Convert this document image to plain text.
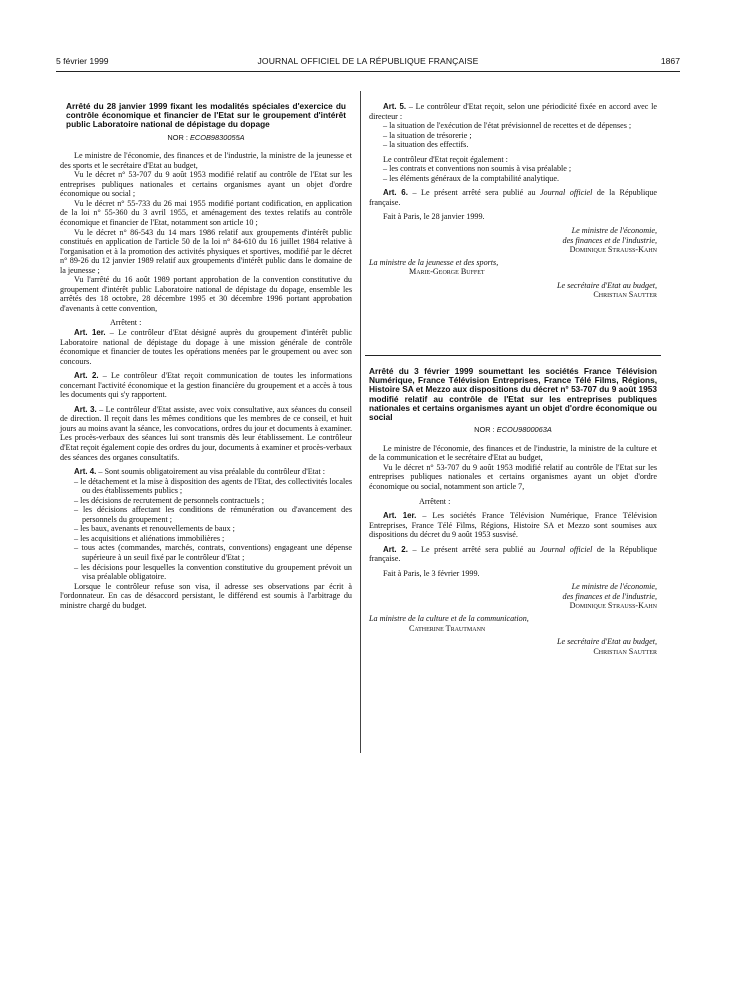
5 février 1999	JOURNAL OFFICIEL DE LA RÉPUBLIQUE FRANÇAISE	1867
Arrêté du 28 janvier 1999 fixant les modalités spéciales d'exercice du contrôle économique et financier de l'Etat sur le groupement d'intérêt public Laboratoire national de dépistage du dopage
NOR : ECOB9830055A

Le ministre de l'économie, des finances et de l'industrie, la ministre de la jeunesse et des sports et le secrétaire d'Etat au budget,

Vu le décret n° 53-707 du 9 août 1953 modifié relatif au contrôle de l'Etat sur les entreprises publiques nationales et certains organismes ayant un objet d'ordre économique ou social ;

Vu le décret n° 55-733 du 26 mai 1955 modifié portant codification, en application de la loi n° 55-360 du 3 avril 1955, et aménagement des textes relatifs au contrôle économique et financier de l'Etat, notamment son article 10 ;

Vu le décret n° 86-543 du 14 mars 1986 relatif aux groupements d'intérêt public constitués en application de l'article 50 de la loi n° 84-610 du 16 juillet 1984 relative à l'organisation et à la promotion des activités physiques et sportives, modifié par le décret n° 89-26 du 12 janvier 1989 relatif aux groupements d'intérêt public dans le domaine de la jeunesse ;

Vu l'arrêté du 16 août 1989 portant approbation de la convention constitutive du groupement d'intérêt public Laboratoire national de dépistage du dopage, ensemble les arrêtés des 18 octobre, 28 décembre 1995 et 30 décembre 1996 portant approbation d'avenants à cette convention,

Arrêtent :

Art. 1er. – Le contrôleur d'Etat désigné auprès du groupement d'intérêt public Laboratoire national de dépistage du dopage à une mission générale de contrôle économique et financier de toutes les opérations menées par le groupement ou avec son concours.

Art. 2. – Le contrôleur d'Etat reçoit communication de toutes les informations concernant l'activité économique et la gestion financière du groupement et a accès à tous les documents qui s'y rapportent.

Art. 3. – Le contrôleur d'Etat assiste, avec voix consultative, aux séances du conseil de direction. Il reçoit dans les mêmes conditions que les membres de ce conseil, et huit jours au moins avant la séance, les convocations, ordres du jour et documents à examiner. Les procès-verbaux des séances lui sont transmis dès leur établissement. Le contrôleur d'Etat reçoit également copie des ordres du jour, documents à examiner et procès-verbaux des séances des organes consultatifs.

Art. 4. – Sont soumis obligatoirement au visa préalable du contrôleur d'Etat :

– le détachement et la mise à disposition des agents de l'Etat, des collectivités locales ou des établissements publics ;
– les décisions de recrutement de personnels contractuels ;
– les décisions affectant les conditions de rémunération ou d'avancement des personnels du groupement ;
– les baux, avenants et renouvellements de baux ;
– les acquisitions et aliénations immobilières ;
– tous actes (commandes, marchés, contrats, conventions) engageant une dépense supérieure à un seuil fixé par le contrôleur d'Etat ;
– les décisions pour lesquelles la convention constitutive du groupement prévoit un visa préalable obligatoire.

Lorsque le contrôleur refuse son visa, il adresse ses observations par écrit à l'ordonnateur. En cas de désaccord persistant, le différend est soumis à l'arbitrage du ministre chargé du budget.

Art. 5. – Le contrôleur d'Etat reçoit, selon une périodicité fixée en accord avec le directeur :

– la situation de l'exécution de l'état prévisionnel de recettes et de dépenses ;
– la situation de trésorerie ;
– la situation des effectifs.

Le contrôleur d'Etat reçoit également :

– les contrats et conventions non soumis à visa préalable ;
– les éléments généraux de la comptabilité analytique.

Art. 6. – Le présent arrêté sera publié au Journal officiel de la République française.

Fait à Paris, le 28 janvier 1999.

Le ministre de l'économie,
des finances et de l'industrie,
Dominique Strauss-Kahn
La ministre de la jeunesse et des sports,
Marie-George Buffet
Le secrétaire d'Etat au budget,
Christian Sautter
Arrêté du 3 février 1999 soumettant les sociétés France Télévision Numérique, France Télévision Entreprises, France Télé Films, Régions, Histoire SA et Mezzo aux dispositions du décret n° 53-707 du 9 août 1953 modifié relatif au contrôle de l'Etat sur les entreprises publiques nationales et certains organismes ayant un objet d'ordre économique ou social
NOR : ECOU9800063A

Le ministre de l'économie, des finances et de l'industrie, la ministre de la culture et de la communication et le secrétaire d'Etat au budget,

Vu le décret n° 53-707 du 9 août 1953 modifié relatif au contrôle de l'Etat sur les entreprises publiques nationales et certains organismes ayant un objet d'ordre économique ou social, notamment son article 7,

Arrêtent :

Art. 1er. – Les sociétés France Télévision Numérique, France Télévision Entreprises, France Télé Films, Régions, Histoire SA et Mezzo sont soumises aux dispositions du décret du 9 août 1953 susvisé.

Art. 2. – Le présent arrêté sera publié au Journal officiel de la République française.

Fait à Paris, le 3 février 1999.

Le ministre de l'économie,
des finances et de l'industrie,
Dominique Strauss-Kahn
La ministre de la culture et de la communication,
Catherine Trautmann
Le secrétaire d'Etat au budget,
Christian Sautter
